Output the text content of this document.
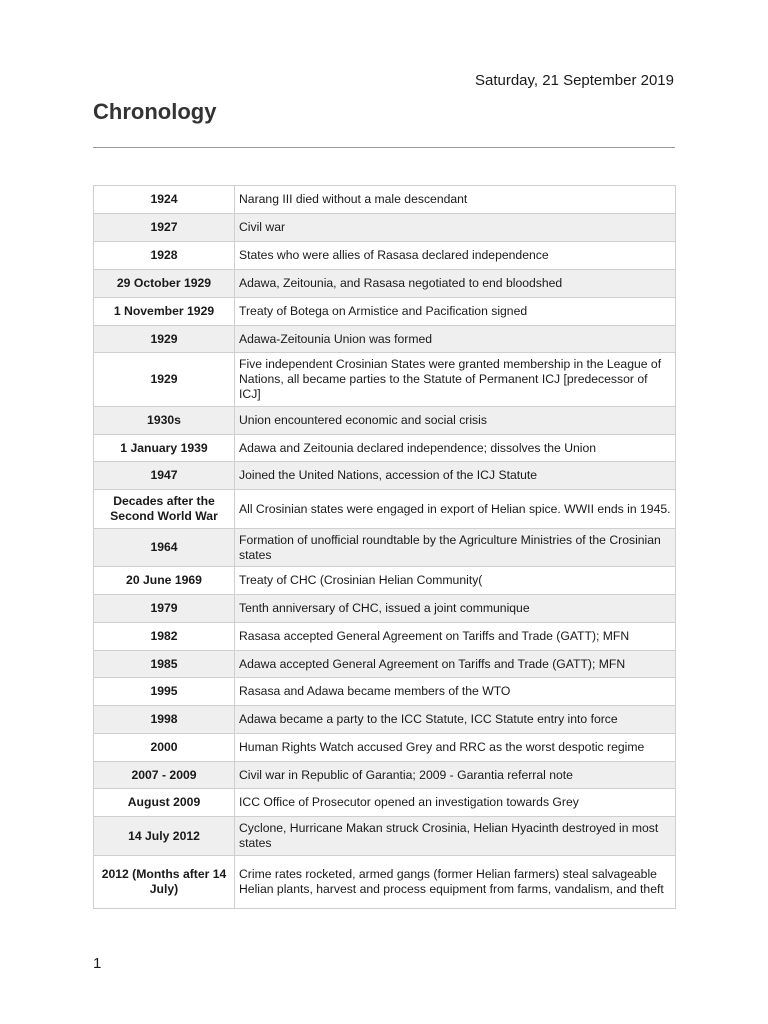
Saturday, 21 September 2019
Chronology
1924	Narang III died without a male descendant
1927	Civil war
1928	States who were allies of Rasasa declared independence
29 October 1929	Adawa, Zeitounia, and Rasasa negotiated to end bloodshed
1 November 1929	Treaty of Botega on Armistice and Pacification signed
1929	Adawa-Zeitounia Union was formed
1929	Five independent Crosinian States were granted membership in the League of Nations, all became parties to the Statute of Permanent ICJ [predecessor of ICJ]
1930s	Union encountered economic and social crisis
1 January 1939	Adawa and Zeitounia declared independence; dissolves the Union
1947	Joined the United Nations, accession of the ICJ Statute
Decades after the Second World War	All Crosinian states were engaged in export of Helian spice. WWII ends in 1945.
1964	Formation of unofficial roundtable by the Agriculture Ministries of the Crosinian states
20 June 1969	Treaty of CHC (Crosinian Helian Community(
1979	Tenth anniversary of CHC, issued a joint communique
1982	Rasasa accepted General Agreement on Tariffs and Trade (GATT); MFN
1985	Adawa accepted General Agreement on Tariffs and Trade (GATT); MFN
1995	Rasasa and Adawa became members of the WTO
1998	Adawa became a party to the ICC Statute, ICC Statute entry into force
2000	Human Rights Watch accused Grey and RRC as the worst despotic regime
2007 - 2009	Civil war in Republic of Garantia; 2009 - Garantia referral note
August 2009	ICC Office of Prosecutor opened an investigation towards Grey
14 July 2012	Cyclone, Hurricane Makan struck Crosinia, Helian Hyacinth destroyed in most states
2012 (Months after 14 July)	Crime rates rocketed, armed gangs (former Helian farmers) steal salvageable Helian plants, harvest and process equipment from farms, vandalism, and theft
1
